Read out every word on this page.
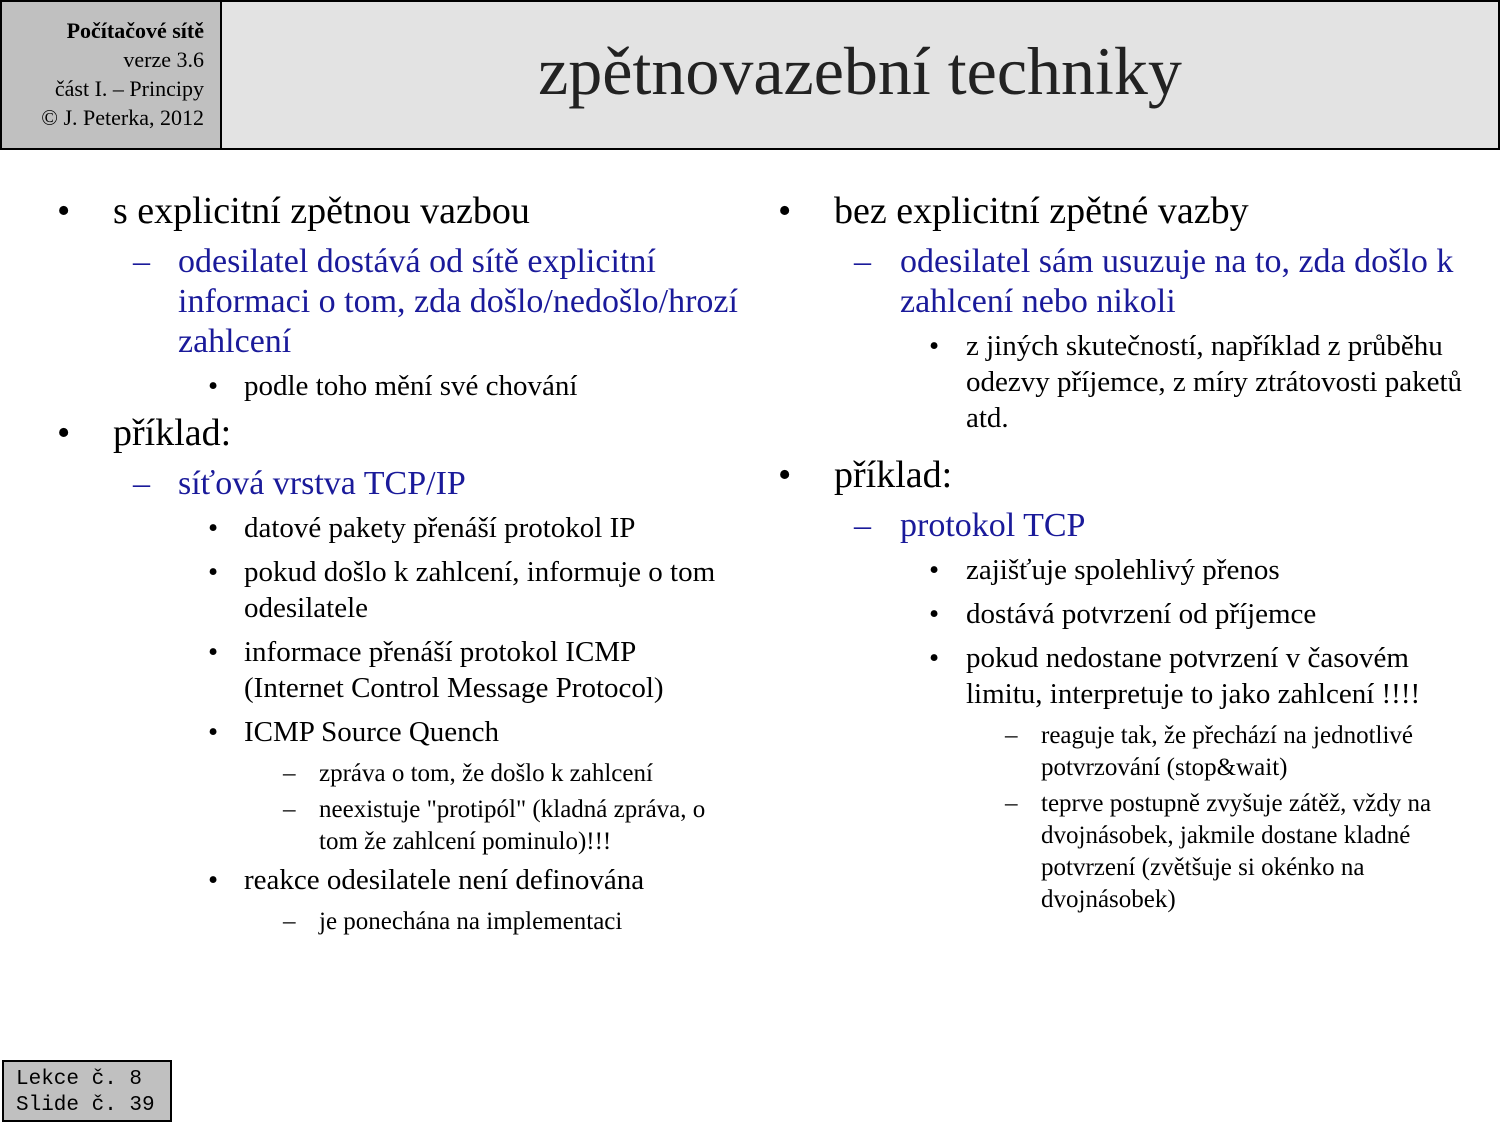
Počítačové sítě
verze 3.6
část I. – Principy
© J. Peterka, 2012
zpětnovazební techniky
• s explicitní zpětnou vazbou
– odesilatel dostává od sítě explicitní informaci o tom, zda došlo/nedošlo/hrozí zahlcení
• podle toho mění své chování
• příklad:
– síťová vrstva TCP/IP
• datové pakety přenáší protokol IP
• pokud došlo k zahlcení, informuje o tom odesilatele
• informace přenáší protokol ICMP (Internet Control Message Protocol)
• ICMP Source Quench
– zpráva o tom, že došlo k zahlcení
– neexistuje "protipól" (kladná zpráva, o tom že zahlcení pominulo)!!!
• reakce odesilatele není definována
– je ponechána na implementaci
• bez explicitní zpětné vazby
– odesilatel sám usuzuje na to, zda došlo k zahlcení nebo nikoli
• z jiných skutečností, například z průběhu odezvy příjemce, z míry ztrátovosti paketů atd.
• příklad:
– protokol TCP
• zajišťuje spolehlivý přenos
• dostává potvrzení od příjemce
• pokud nedostane potvrzení v časovém limitu, interpretuje to jako zahlcení !!!!
– reaguje tak, že přechází na jednotlivé potvrzování (stop&wait)
– teprve postupně zvyšuje zátěž, vždy na dvojnásobek, jakmile dostane kladné potvrzení (zvětšuje si okénko na dvojnásobek)
Lekce č. 8
Slide č. 39
